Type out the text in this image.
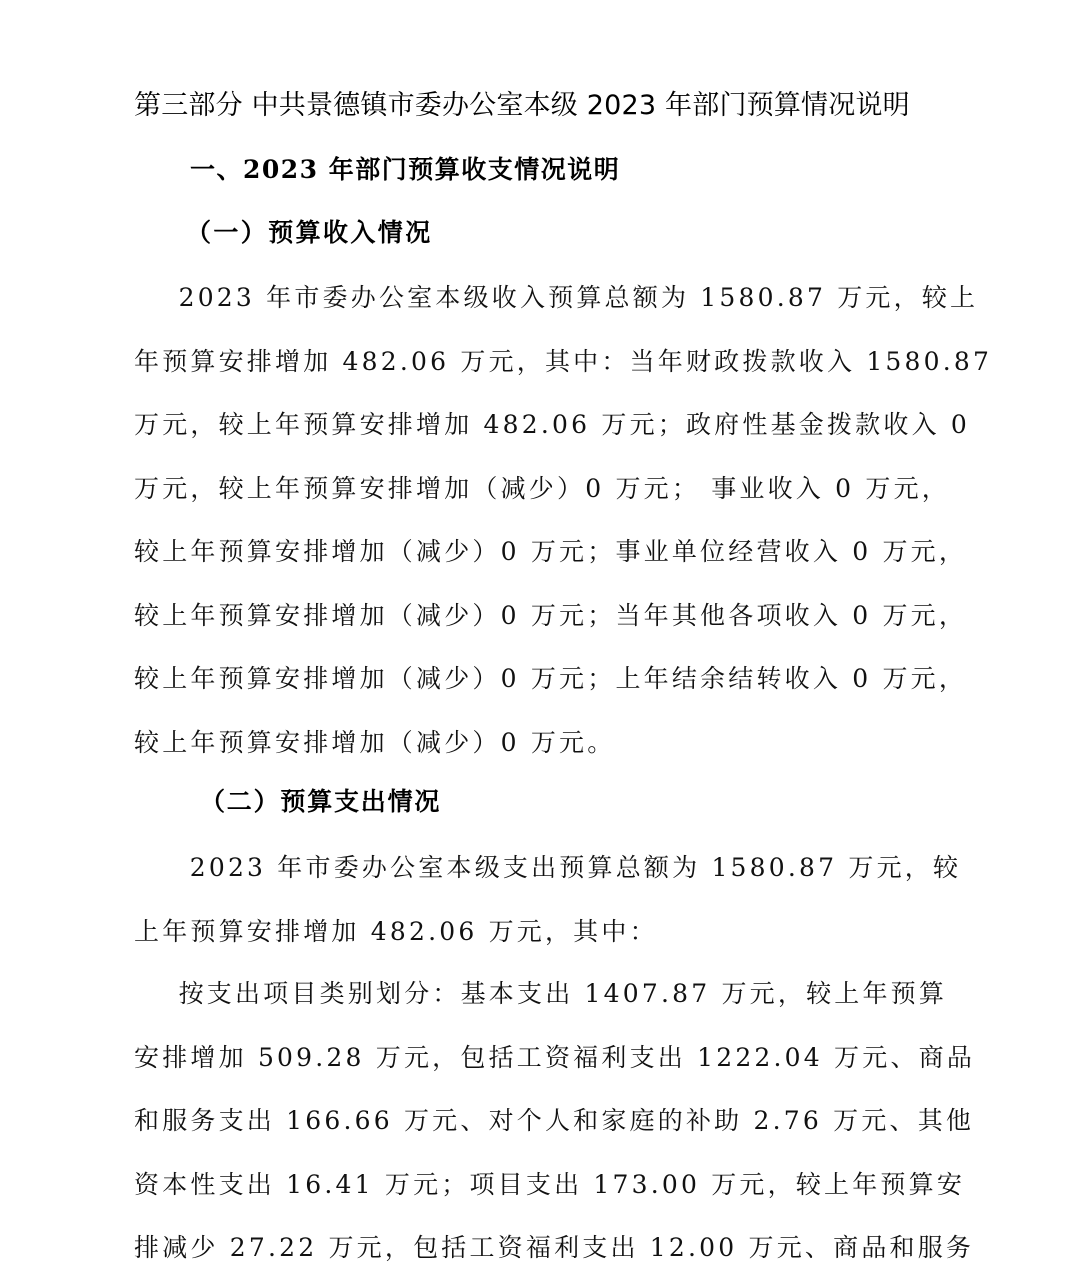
第三部分 中共景德镇市委办公室本级 2023 年部门预算情况说明
一、2023 年部门预算收支情况说明
（一）预算收入情况
2023 年市委办公室本级收入预算总额为 1580.87 万元，较上
年预算安排增加 482.06 万元，其中：当年财政拨款收入 1580.87
万元，较上年预算安排增加 482.06 万元；政府性基金拨款收入 0
万元，较上年预算安排增加（减少）0 万元； 事业收入 0 万元，
较上年预算安排增加（减少）0 万元；事业单位经营收入 0 万元，
较上年预算安排增加（减少）0 万元；当年其他各项收入 0 万元，
较上年预算安排增加（减少）0 万元；上年结余结转收入 0 万元，
较上年预算安排增加（减少）0 万元。
（二）预算支出情况
2023 年市委办公室本级支出预算总额为 1580.87 万元，较
上年预算安排增加 482.06 万元，其中：
按支出项目类别划分：基本支出 1407.87 万元，较上年预算
安排增加 509.28 万元，包括工资福利支出 1222.04 万元、商品
和服务支出 166.66 万元、对个人和家庭的补助 2.76 万元、其他
资本性支出 16.41 万元；项目支出 173.00 万元，较上年预算安
排减少 27.22 万元，包括工资福利支出 12.00 万元、商品和服务
